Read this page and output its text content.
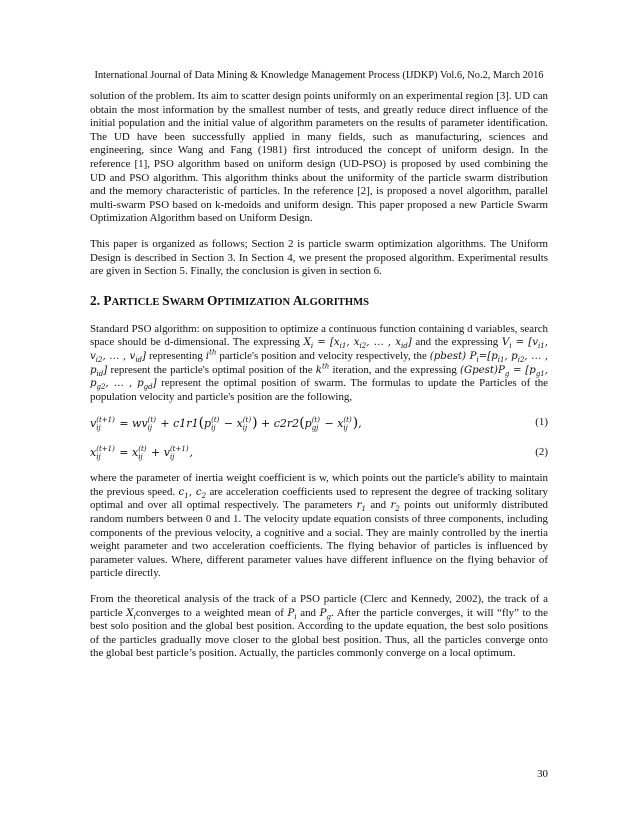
International Journal of Data Mining & Knowledge Management Process (IJDKP) Vol.6, No.2, March 2016

solution of the problem. Its aim to scatter design points uniformly on an experimental region [3]. UD can obtain the most information by the smallest number of tests, and greatly reduce direct influence of the initial population and the initial value of algorithm parameters on the results of parameter identification. The UD have been successfully applied in many fields, such as manufacturing, sciences and engineering, since Wang and Fang (1981) first introduced the concept of uniform design. In the reference [1], PSO algorithm based on uniform design (UD-PSO) is proposed by used combining the UD and PSO algorithm. This algorithm thinks about the uniformity of the particle swarm distribution and the memory characteristic of particles. In the reference [2], is proposed a novel algorithm, parallel multi-swarm PSO based on k-medoids and uniform design. This paper proposed a new Particle Swarm Optimization Algorithm based on Uniform Design.

This paper is organized as follows; Section 2 is particle swarm optimization algorithms. The Uniform Design is described in Section 3. In Section 4, we present the proposed algorithm. Experimental results are given in Section 5. Finally, the conclusion is given in section 6.

2. PARTICLE SWARM OPTIMIZATION ALGORITHMS

Standard PSO algorithm: on supposition to optimize a continuous function containing d variables, search space should be d-dimensional. The expressing $X_i = [x_{i1}$, $x_{i2}$, … , $x_{id}$] and the expressing $V_i = [v_{i1}$, $v_{i2}$, … , $v_{id}$] representing $i^{th}$ particle's position and velocity respectively, the (pbest) $P_i=[p_{i1}$, $p_{i2}$, … , $p_{id}$] represent the particle's optimal position of the $k^{th}$ iteration, and the expressing $(Gpest)P_g = [p_{g1}$, $p_{g2}$, … , $p_{gd}$] represent the optimal position of swarm. The formulas to update the Particles of the population velocity and particle's position are the following,

v (t+1)
ij	= wv (t)
ij + c1r1(p (t)
ij − x (t)
ij ) + c2r2(p (t)
gj − x (t)
ij ),	(1)
x (t+1)
ij	= x (t)
ij + v (t+1)
ij	,	(2)

where the parameter of inertia weight coefficient is w, which points out the particle's ability to maintain the previous speed. $c_1$, $c_2$ are acceleration coefficients used to represent the degree of tracking solitary optimal and over all optimal respectively. The parameters $r_1$ and $r_2$ points out uniformly distributed random numbers between 0 and 1. The velocity update equation consists of three components, including components of the previous velocity, a cognitive and a social. They are mainly controlled by the inertia weight parameter and two acceleration coefficients. The flying behavior of particles is influenced by parameter values. Where, different parameter values have different influence on the flying behavior of particle directly.

From the theoretical analysis of the track of a PSO particle (Clerc and Kennedy, 2002), the track of a particle $X_iconverges$ to a weighted mean of $P_i$ and $P_g$. After the particle converges, it will “fly” to the best solo position and the global best position. According to the update equation, the best solo positions of the particles gradually move closer to the global best position. Thus, all the particles converge onto the global best particle’s position. Actually, the particles commonly converge on a local optimum.

30
